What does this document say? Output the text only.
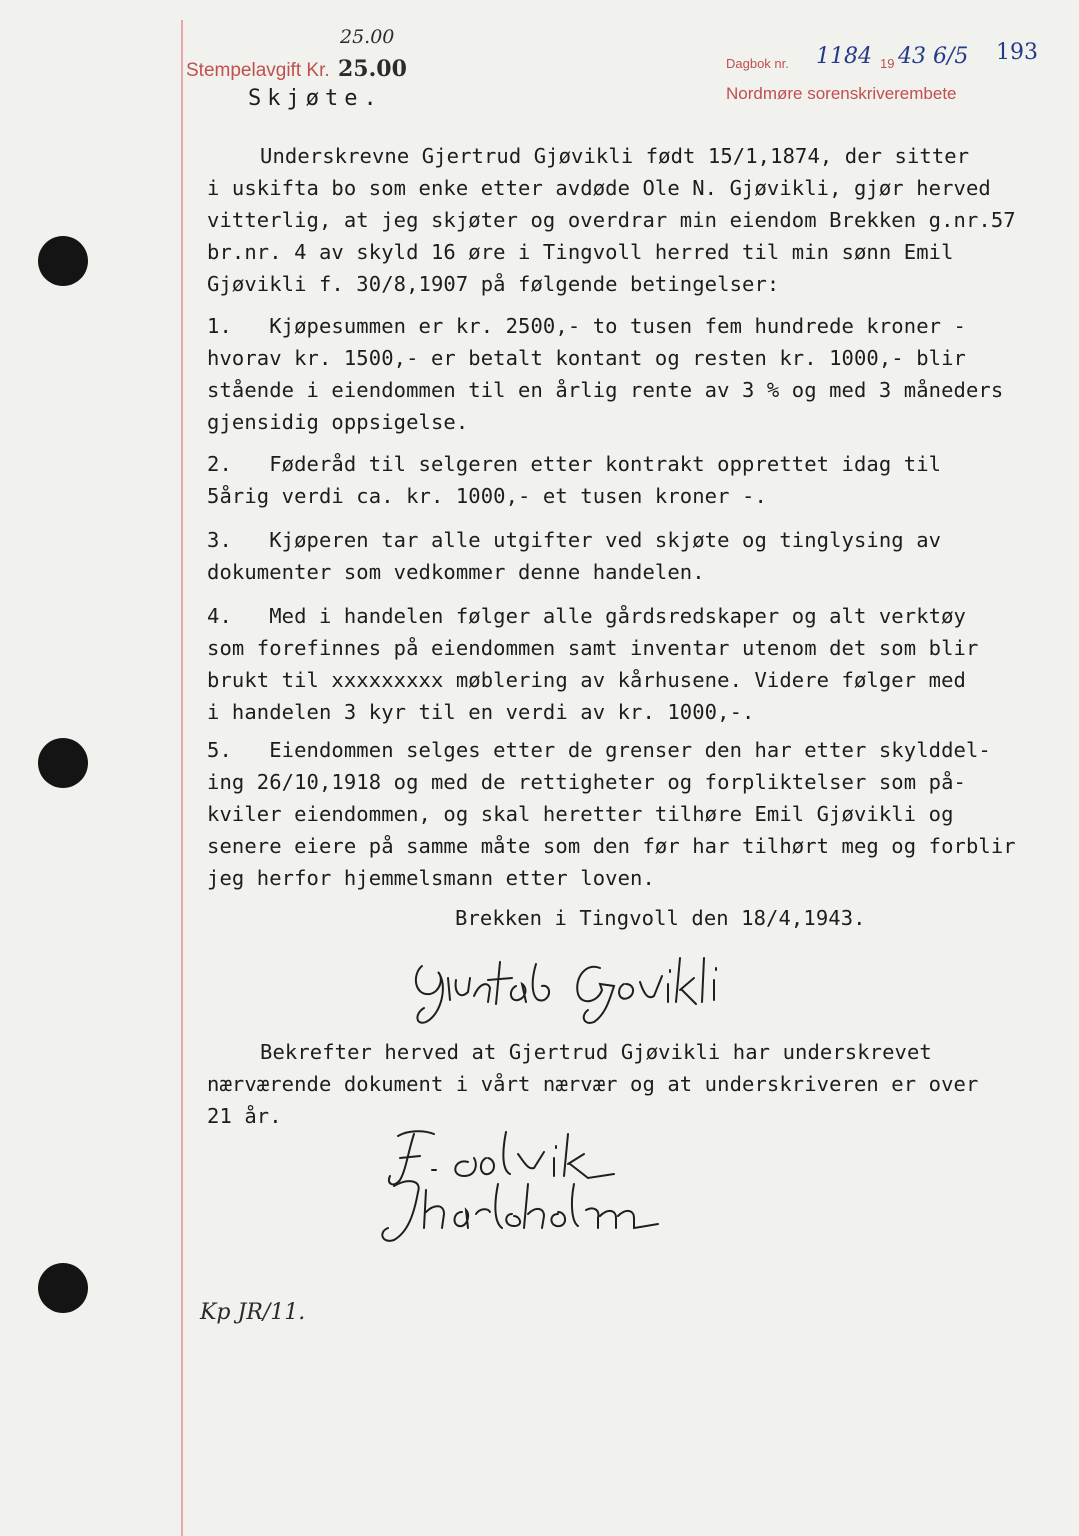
Stempelavgift Kr.
25.00
25.00	Dagbok nr. 1184 19 43 6/5
Nordmøre sorenskriverembete
193
Skjøte.
Underskrevne Gjertrud Gjøvikli født 15/1,1874, der sitter
i uskifta bo som enke etter avdøde Ole N. Gjøvikli, gjør herved
vitterlig, at jeg skjøter og overdrar min eiendom Brekken g.nr.57
br.nr. 4 av skyld 16 øre i Tingvoll herred til min sønn Emil
Gjøvikli f. 30/8,1907 på følgende betingelser:
1.   Kjøpesummen er kr. 2500,- to tusen fem hundrede kroner -
hvorav kr. 1500,- er betalt kontant og resten kr. 1000,- blir
stående i eiendommen til en årlig rente av 3 % og med 3 måneders
gjensidig oppsigelse.
2.   Føderåd til selgeren etter kontrakt opprettet idag til
5årig verdi ca. kr. 1000,- et tusen kroner -.
3.   Kjøperen tar alle utgifter ved skjøte og tinglysing av
dokumenter som vedkommer denne handelen.
4.   Med i handelen følger alle gårdsredskaper og alt verktøy
som forefinnes på eiendommen samt inventar utenom det som blir
brukt til xxxxxxxxx møblering av kårhusene. Videre følger med
i handelen 3 kyr til en verdi av kr. 1000,-.
5.   Eiendommen selges etter de grenser den har etter skylddel-
ing 26/10,1918 og med de rettigheter og forpliktelser som på-
kviler eiendommen, og skal heretter tilhøre Emil Gjøvikli og
senere eiere på samme måte som den før har tilhørt meg og forblir
jeg herfor hjemmelsmann etter loven.
Brekken i Tingvoll den 18/4,1943.
Bekrefter herved at Gjertrud Gjøvikli har underskrevet
nærværende dokument i vårt nærvær og at underskriveren er over
21 år.
Kp JR/11.
